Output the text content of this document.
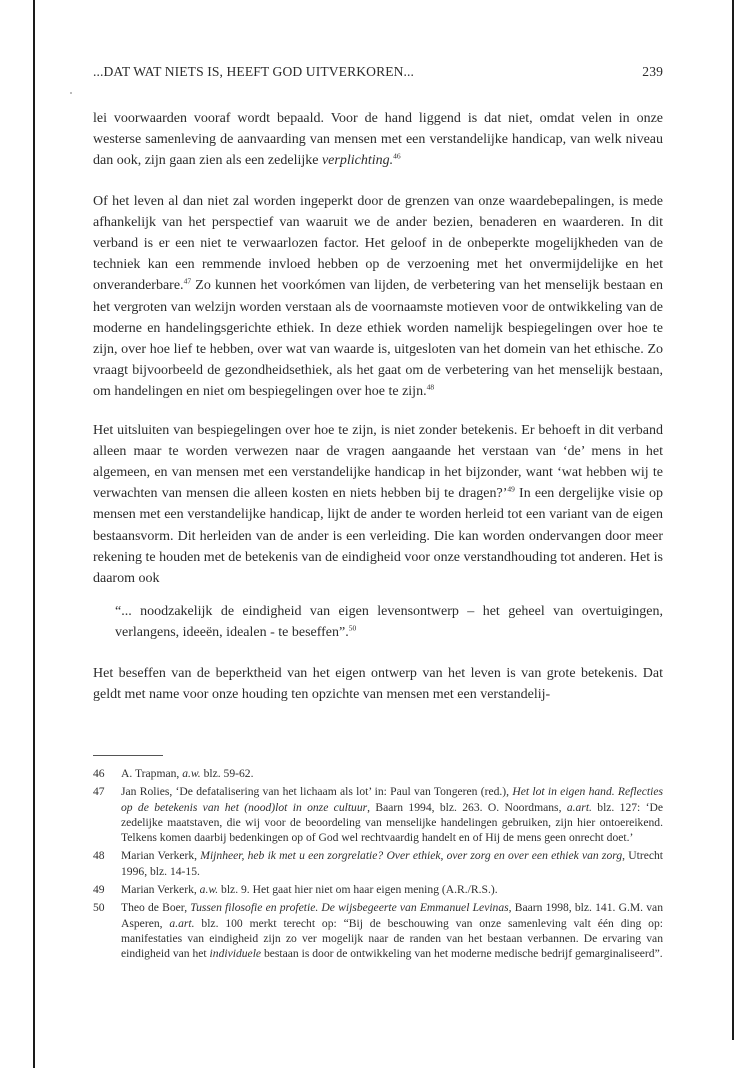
...DAT WAT NIETS IS, HEEFT GOD UITVERKOREN...	239

lei voorwaarden vooraf wordt bepaald. Voor de hand liggend is dat niet, omdat velen in onze westerse samenleving de aanvaarding van mensen met een verstandelijke handicap, van welk niveau dan ook, zijn gaan zien als een zedelijke verplichting.$^{46}$

Of het leven al dan niet zal worden ingeperkt door de grenzen van onze waardebepalingen, is mede afhankelijk van het perspectief van waaruit we de ander bezien, benaderen en waarderen. In dit verband is er een niet te verwaarlozen factor. Het geloof in de onbeperkte mogelijkheden van de techniek kan een remmende invloed hebben op de verzoening met het onvermijdelijke en het onveranderbare.$^{47}$ Zo kunnen het voorkómen van lijden, de verbetering van het menselijk bestaan en het vergroten van welzijn worden verstaan als de voornaamste motieven voor de ontwikkeling van de moderne en handelingsgerichte ethiek. In deze ethiek worden namelijk bespiegelingen over hoe te zijn, over hoe lief te hebben, over wat van waarde is, uitgesloten van het domein van het ethische. Zo vraagt bijvoorbeeld de gezondheidsethiek, als het gaat om de verbetering van het menselijk bestaan, om handelingen en niet om bespiegelingen over hoe te zijn.$^{48}$

Het uitsluiten van bespiegelingen over hoe te zijn, is niet zonder betekenis. Er behoeft in dit verband alleen maar te worden verwezen naar de vragen aangaande het verstaan van ‘de’ mens in het algemeen, en van mensen met een verstandelijke handicap in het bijzonder, want ‘wat hebben wij te verwachten van mensen die alleen kosten en niets hebben bij te dragen?’$^{49}$ In een dergelijke visie op mensen met een verstandelijke handicap, lijkt de ander te worden herleid tot een variant van de eigen bestaansvorm. Dit herleiden van de ander is een verleiding. Die kan worden ondervangen door meer rekening te houden met de betekenis van de eindigheid voor onze verstandhouding tot anderen. Het is daarom ook

“... noodzakelijk de eindigheid van eigen levensontwerp – het geheel van overtuigingen, verlangens, ideeën, idealen - te beseffen”.$^{50}$

Het beseffen van de beperktheid van het eigen ontwerp van het leven is van grote betekenis. Dat geldt met name voor onze houding ten opzichte van mensen met een verstandelij-

46 A. Trapman, a.w. blz. 59-62.
47 Jan Rolies, ‘De defatalisering van het lichaam als lot’ in: Paul van Tongeren (red.), Het lot in eigen hand. Reflecties op de betekenis van het (nood)lot in onze cultuur, Baarn 1994, blz. 263. O. Noordmans, a.art. blz. 127: ‘De zedelijke maatstaven, die wij voor de beoordeling van menselijke handelingen gebruiken, zijn hier ontoereikend. Telkens komen daarbij bedenkingen op of God wel rechtvaardig handelt en of Hij de mens geen onrecht doet.’
48 Marian Verkerk, Mijnheer, heb ik met u een zorgrelatie? Over ethiek, over zorg en over een ethiek van zorg, Utrecht 1996, blz. 14-15.
49 Marian Verkerk, a.w. blz. 9. Het gaat hier niet om haar eigen mening (A.R./R.S.).
50 Theo de Boer, Tussen filosofie en profetie. De wijsbegeerte van Emmanuel Levinas, Baarn 1998, blz. 141. G.M. van Asperen, a.art. blz. 100 merkt terecht op: “Bij de beschouwing van onze samenleving valt één ding op: manifestaties van eindigheid zijn zo ver mogelijk naar de randen van het bestaan verbannen. De ervaring van eindigheid van het individuele bestaan is door de ontwikkeling van het moderne medische bedrijf gemarginaliseerd”.
